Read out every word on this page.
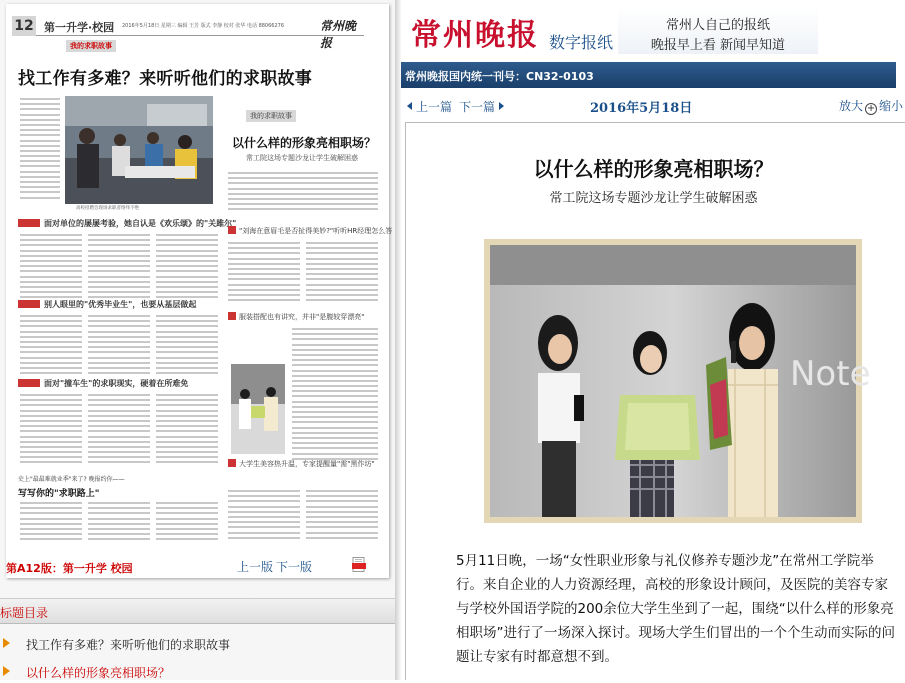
12 第一升学·校园 2016年5月18日 星期三 编辑 王芳 版式 李静 校对 张华 电话 88066276	常州晚报
我的求职故事
找工作有多难？来听听他们的求职故事
高校招聘会现场求职者络绎不绝
我的求职故事
以什么样的形象亮相职场？
常工院这场专题沙龙让学生破解困惑
面对单位的屡屡考验，她自认是《欢乐颂》的"关雎尔"
别人眼里的"优秀毕业生"，也要从基层做起
面对"撞车生"的求职现实，硬着在所难免
"刘海在意眉毛是否扯得美妙?"听听HR经理怎么答
服装搭配也有讲究，并非"是腹较穿漂亮"
大学生美容热升温，专家提醒量"需"黑作坊"
史上"最最难就业季"来了? 晚报约你——
写写你的"求职路上"
第A12版：第一升学 校园	上一版 下一版
标题目录
找工作有多难？来听听他们的求职故事
以什么样的形象亮相职场？
常州晚报 数字报纸
常州人自己的报纸
晚报早上看 新闻早知道
常州晚报国内统一刊号：CN32-0103
上一篇 下一篇	2016年5月18日	放大 + 缩小
以什么样的形象亮相职场？
常工院这场专题沙龙让学生破解困惑
Note
5月11日晚，一场“女性职业形象与礼仪修养专题沙龙”在常州工学院举行。来自企业的人力资源经理，高校的形象设计顾问，及医院的美容专家与学校外国语学院的200余位大学生坐到了一起，围绕“以什么样的形象亮相职场”进行了一场深入探讨。现场大学生们冒出的一个个生动而实际的问题让专家有时都意想不到。
